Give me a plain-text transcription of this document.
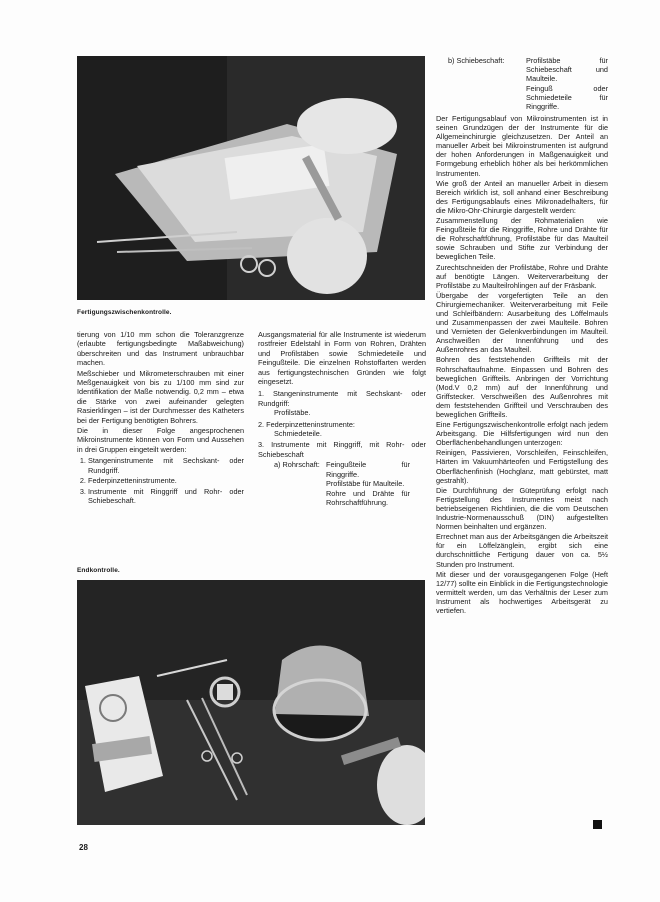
Fertigungszwischenkontrolle.

tierung von 1/10 mm schon die Toleranzgrenze (erlaubte fertigungsbedingte Maßabweichung) überschreiten und das Instrument unbrauchbar machen.

Meßschieber und Mikrometerschrauben mit einer Meßgenauigkeit von bis zu 1/100 mm sind zur Identifikation der Maße notwendig. 0,2 mm – etwa die Stärke von zwei aufeinander gelegten Rasierklingen – ist der Durchmesser des Katheters bei der Fertigung benötigten Bohrers.

Die in dieser Folge angesprochenen Mikroinstrumente können von Form und Aussehen in drei Gruppen eingeteilt werden:

1. Stangeninstrumente mit Sechskant- oder Rundgriff.
2. Federpinzetteninstrumente.
3. Instrumente mit Ringgriff und Rohr- oder Schiebeschaft.

Ausgangsmaterial für alle Instrumente ist wiederum rostfreier Edelstahl in Form von Rohren, Drähten und Profilstäben sowie Schmiedeteile und Feingußteile. Die einzelnen Rohstoffarten werden aus fertigungstechnischen Gründen wie folgt eingesetzt.

1. Stangeninstrumente mit Sechskant- oder Rundgriff:
Profilstäbe.
2. Federpinzetteninstrumente:
Schmiedeteile.
3. Instrumente mit Ringgriff, mit Rohr- oder Schiebeschaft
a) Rohrschaft: Feingußteile für Ringgriffe.
Profilstäbe für Maulteile.
Rohre und Drähte für Rohrschaftführung.
Endkontrolle.
b) Schiebeschaft:	Profilstäbe für Schiebeschaft und Maulteile.
Feinguß oder Schmiedeteile für Ringgriffe.

Der Fertigungsablauf von Mikroinstrumenten ist in seinen Grundzügen der der Instrumente für die Allgemeinchirurgie gleichzusetzen. Der Anteil an manueller Arbeit bei Mikroinstrumenten ist aufgrund der hohen Anforderungen in Maßgenauigkeit und Formgebung erheblich höher als bei herkömmlichen Instrumenten.

Wie groß der Anteil an manueller Arbeit in diesem Bereich wirklich ist, soll anhand einer Beschreibung des Fertigungsablaufs eines Mikronadelhalters, für die Mikro-Ohr-Chirurgie dargestellt werden:

Zusammenstellung der Rohmaterialien wie Feingußteile für die Ringgriffe, Rohre und Drähte für die Rohrschaftführung, Profilstäbe für das Maulteil sowie Schrauben und Stifte zur Verbindung der beweglichen Teile.

Zurechtschneiden der Profilstäbe, Rohre und Drähte auf benötigte Längen. Weiterverarbeitung der Profilstäbe zu Maulteilrohlingen auf der Fräsbank.

Übergabe der vorgefertigten Teile an den Chirurgiemechaniker. Weiterverarbeitung mit Feile und Schleifbändern: Ausarbeitung des Löffelmauls und Zusammenpassen der zwei Maulteile. Bohren und Vernieten der Gelenkverbindungen im Maulteil. Anschweißen der Innenführung und des Außenrohres an das Maulteil.

Bohren des feststehenden Griffteils mit der Rohrschaftaufnahme. Einpassen und Bohren des beweglichen Griffteils. Anbringen der Vorrichtung (Mod.V 0,2 mm) auf der Innenführung und Griffstecker. Verschweißen des Außenrohres mit dem feststehenden Griffteil und Verschrauben des beweglichen Griffteils.

Eine Fertigungszwischenkontrolle erfolgt nach jedem Arbeitsgang. Die Hilfsfertigungen wird nun den Oberflächenbehandlungen unterzogen:

Reinigen, Passivieren, Vorschleifen, Feinschleifen, Härten im Vakuumhärteofen und Fertigstellung des Oberflächenfinish (Hochglanz, matt gebürstet, matt gestrahlt).

Die Durchführung der Güteprüfung erfolgt nach Fertigstellung des Instrumentes meist nach betriebseigenen Richtlinien, die die vom Deutschen Industrie-Normenausschuß (DIN) aufgestellten Normen beinhalten und ergänzen.

Errechnet man aus der Arbeitsgängen die Arbeitszeit für ein Löffelzänglein, ergibt sich eine durchschnittliche Fertigung dauer von ca. 5½ Stunden pro Instrument.

Mit dieser und der vorausgegangenen Folge (Heft 12/77) sollte ein Einblick in die Fertigungstechnologie vermittelt werden, um das Verhältnis der Leser zum Instrument als hochwertiges Arbeitsgerät zu vertiefen.

28
